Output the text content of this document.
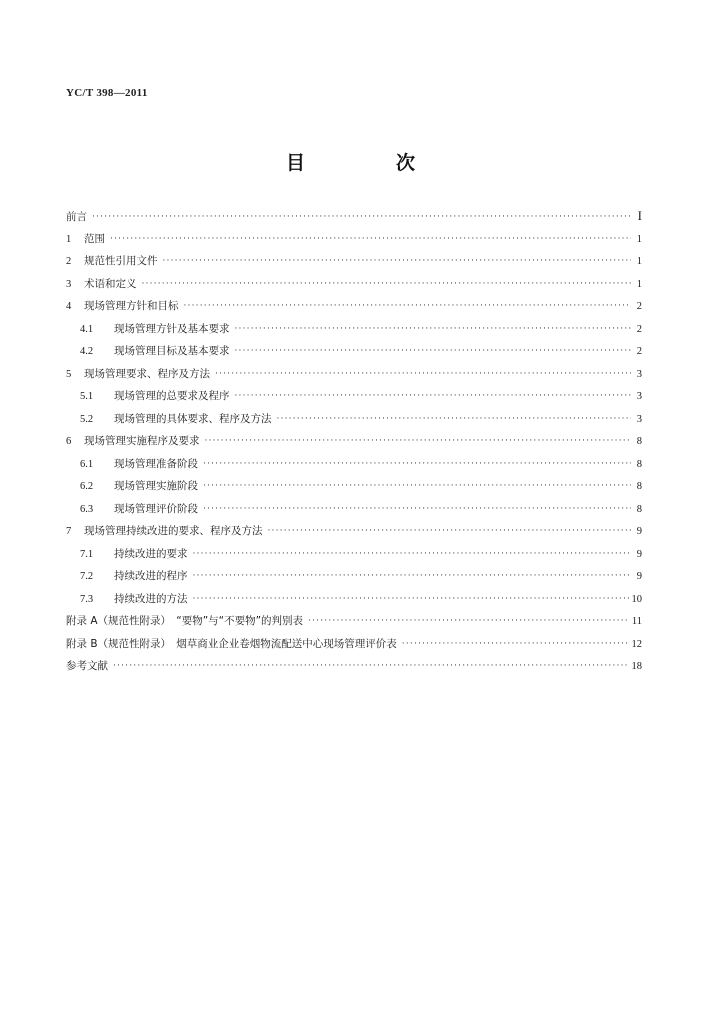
YC/T 398—2011
目　次
前言 ·····	I
1	范围 ·····	1
2	规范性引用文件 ·····	1
3	术语和定义 ·····	1
4	现场管理方针和目标 ·····	2
4.1	现场管理方针及基本要求 ·····	2
4.2	现场管理目标及基本要求 ·····	2
5	现场管理要求、程序及方法 ·····	3
5.1	现场管理的总要求及程序 ·····	3
5.2	现场管理的具体要求、程序及方法 ·····	3
6	现场管理实施程序及要求 ·····	8
6.1	现场管理准备阶段 ·····	8
6.2	现场管理实施阶段 ·····	8
6.3	现场管理评价阶段 ·····	8
7	现场管理持续改进的要求、程序及方法 ·····	9
7.1	持续改进的要求 ·····	9
7.2	持续改进的程序 ·····	9
7.3	持续改进的方法 ·····	10
附录 A（规范性附录）　“要物”与“不要物”的判别表 ·····	11
附录 B（规范性附录）　烟草商业企业卷烟物流配送中心现场管理评价表 ·····	12
参考文献 ·····	18
